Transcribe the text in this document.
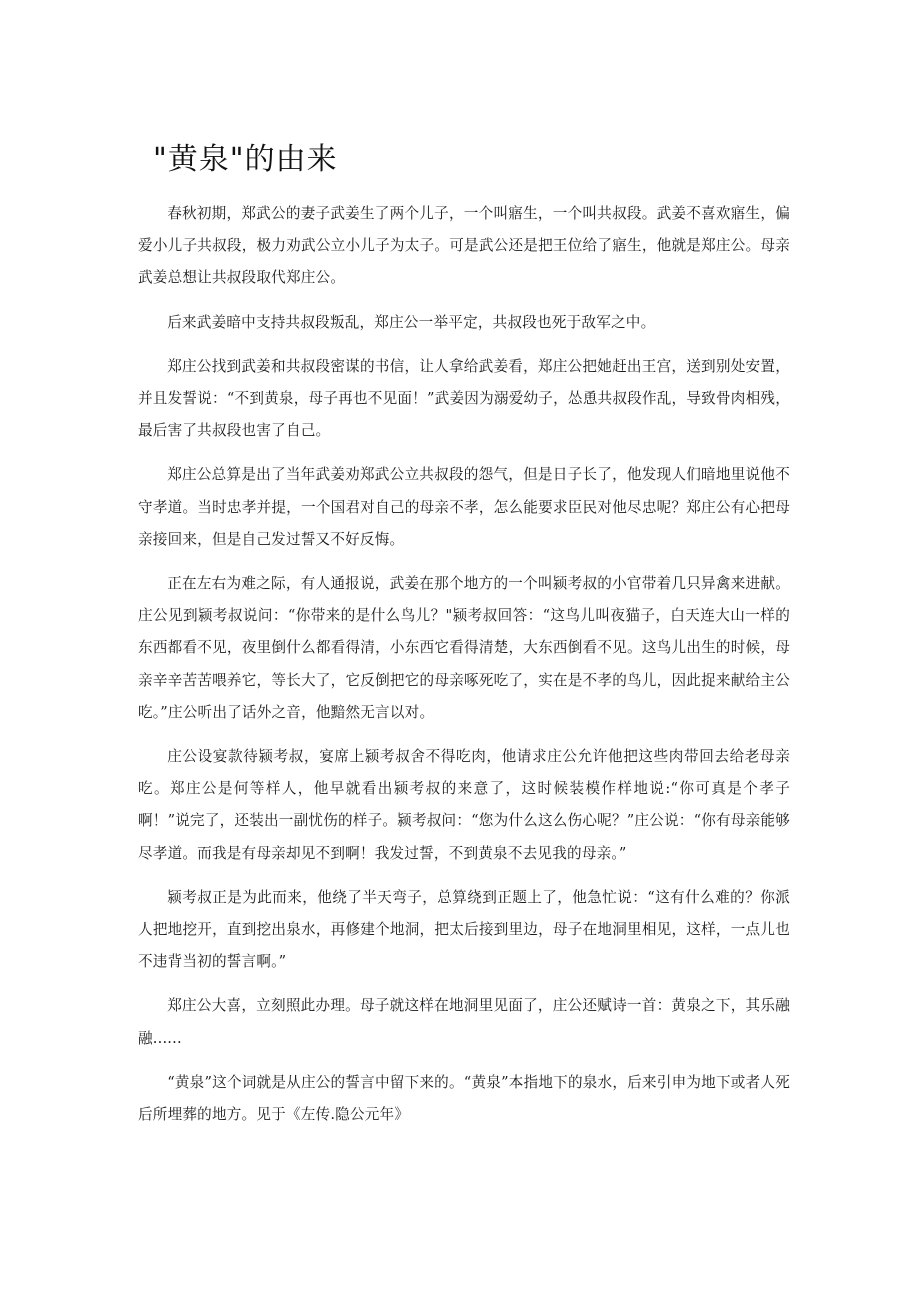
"黄泉"的由来

春秋初期，郑武公的妻子武姜生了两个儿子，一个叫寤生，一个叫共叔段。武姜不喜欢寤生，偏爱小儿子共叔段，极力劝武公立小儿子为太子。可是武公还是把王位给了寤生，他就是郑庄公。母亲武姜总想让共叔段取代郑庄公。

后来武姜暗中支持共叔段叛乱，郑庄公一举平定，共叔段也死于敌军之中。

郑庄公找到武姜和共叔段密谋的书信，让人拿给武姜看，郑庄公把她赶出王宫，送到别处安置，并且发誓说：“不到黄泉，母子再也不见面！”武姜因为溺爱幼子，怂恿共叔段作乱，导致骨肉相残，最后害了共叔段也害了自己。

郑庄公总算是出了当年武姜劝郑武公立共叔段的怨气，但是日子长了，他发现人们暗地里说他不守孝道。当时忠孝并提，一个国君对自己的母亲不孝，怎么能要求臣民对他尽忠呢？郑庄公有心把母亲接回来，但是自己发过誓又不好反悔。

正在左右为难之际，有人通报说，武姜在那个地方的一个叫颍考叔的小官带着几只异禽来进献。庄公见到颍考叔说问：“你带来的是什么鸟儿？"颍考叔回答：“这鸟儿叫夜猫子，白天连大山一样的东西都看不见，夜里倒什么都看得清，小东西它看得清楚，大东西倒看不见。这鸟儿出生的时候，母亲辛辛苦苦喂养它，等长大了，它反倒把它的母亲啄死吃了，实在是不孝的鸟儿，因此捉来献给主公吃。”庄公听出了话外之音，他黯然无言以对。

庄公设宴款待颍考叔，宴席上颍考叔舍不得吃肉，他请求庄公允许他把这些肉带回去给老母亲吃。郑庄公是何等样人，他早就看出颍考叔的来意了，这时候装模作样地说:“你可真是个孝子啊！”说完了，还装出一副忧伤的样子。颍考叔问：“您为什么这么伤心呢？”庄公说：“你有母亲能够尽孝道。而我是有母亲却见不到啊！我发过誓，不到黄泉不去见我的母亲。”

颍考叔正是为此而来，他绕了半天弯子，总算绕到正题上了，他急忙说：“这有什么难的？你派人把地挖开，直到挖出泉水，再修建个地洞，把太后接到里边，母子在地洞里相见，这样，一点儿也不违背当初的誓言啊。”

郑庄公大喜，立刻照此办理。母子就这样在地洞里见面了，庄公还赋诗一首：黄泉之下，其乐融融......

“黄泉”这个词就是从庄公的誓言中留下来的。“黄泉”本指地下的泉水，后来引申为地下或者人死后所埋葬的地方。见于《左传.隐公元年》
